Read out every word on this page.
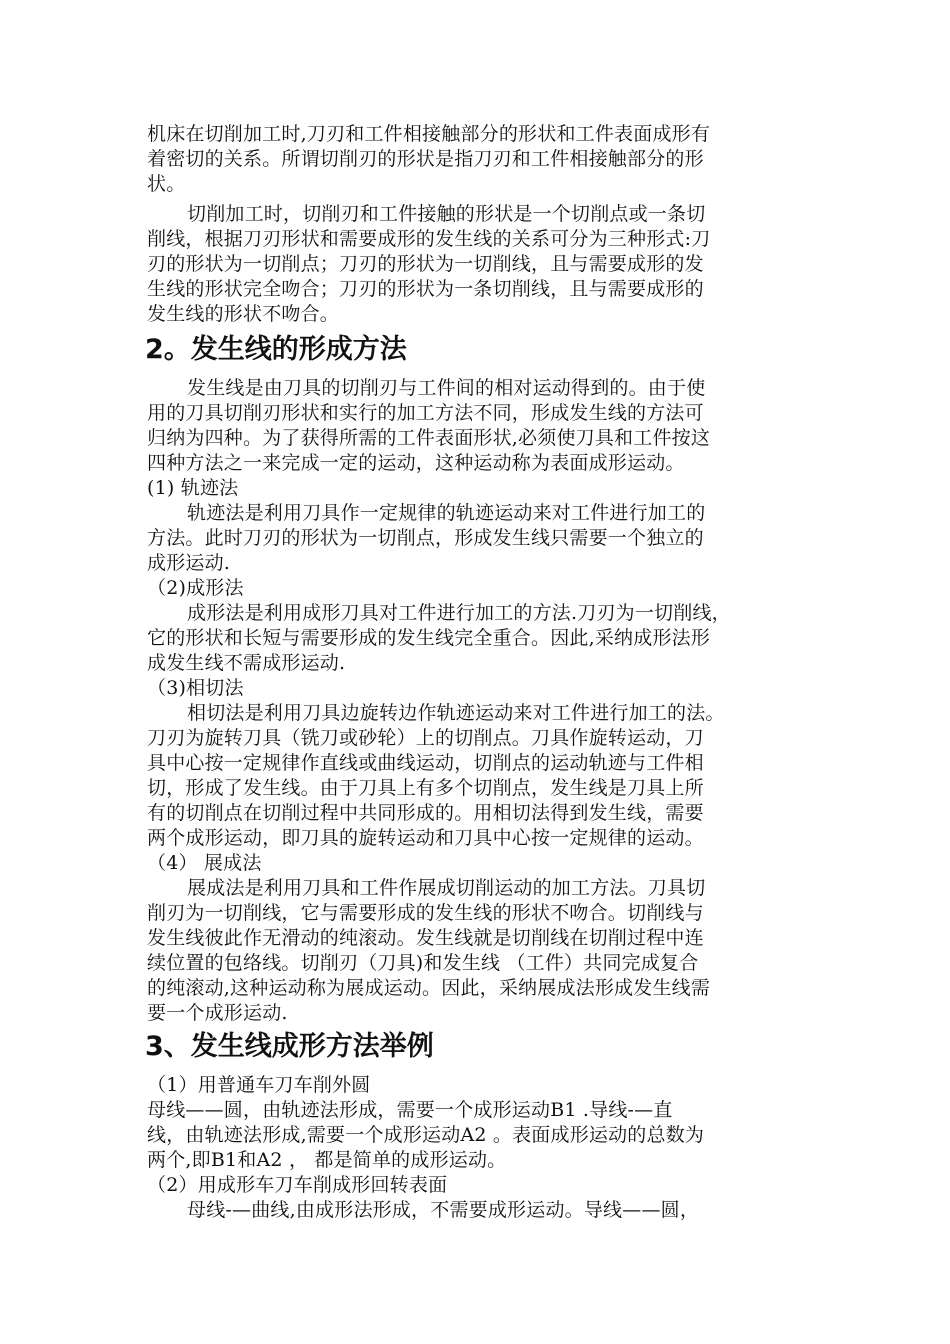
机床在切削加工时,刀刃和工件相接触部分的形状和工件表面成形有
着密切的关系。所谓切削刃的形状是指刀刃和工件相接触部分的形
状。
切削加工时，切削刃和工件接触的形状是一个切削点或一条切
削线，根据刀刃形状和需要成形的发生线的关系可分为三种形式:刀
刃的形状为一切削点；刀刃的形状为一切削线，且与需要成形的发
生线的形状完全吻合；刀刃的形状为一条切削线，且与需要成形的
发生线的形状不吻合。
2。发生线的形成方法
发生线是由刀具的切削刃与工件间的相对运动得到的。由于使
用的刀具切削刃形状和实行的加工方法不同，形成发生线的方法可
归纳为四种。为了获得所需的工件表面形状,必须使刀具和工件按这
四种方法之一来完成一定的运动，这种运动称为表面成形运动。
(1) 轨迹法
轨迹法是利用刀具作一定规律的轨迹运动来对工件进行加工的
方法。此时刀刃的形状为一切削点，形成发生线只需要一个独立的
成形运动.
（2)成形法
成形法是利用成形刀具对工件进行加工的方法.刀刃为一切削线，
它的形状和长短与需要形成的发生线完全重合。因此,采纳成形法形
成发生线不需成形运动.
（3)相切法
相切法是利用刀具边旋转边作轨迹运动来对工件进行加工的法。
刀刃为旋转刀具（铣刀或砂轮）上的切削点。刀具作旋转运动，刀
具中心按一定规律作直线或曲线运动，切削点的运动轨迹与工件相
切，形成了发生线。由于刀具上有多个切削点，发生线是刀具上所
有的切削点在切削过程中共同形成的。用相切法得到发生线，需要
两个成形运动，即刀具的旋转运动和刀具中心按一定规律的运动。
（4） 展成法
展成法是利用刀具和工件作展成切削运动的加工方法。刀具切
削刃为一切削线，它与需要形成的发生线的形状不吻合。切削线与
发生线彼此作无滑动的纯滚动。发生线就是切削线在切削过程中连
续位置的包络线。切削刃（刀具)和发生线 （工件）共同完成复合
的纯滚动,这种运动称为展成运动。因此，采纳展成法形成发生线需
要一个成形运动.
3、发生线成形方法举例
（1）用普通车刀车削外圆
母线——圆，由轨迹法形成，需要一个成形运动B1 .导线-—直
线，由轨迹法形成,需要一个成形运动A2 。表面成形运动的总数为
两个,即B1和A2 ， 都是简单的成形运动。
（2）用成形车刀车削成形回转表面
母线-—曲线,由成形法形成，不需要成形运动。导线——圆，
